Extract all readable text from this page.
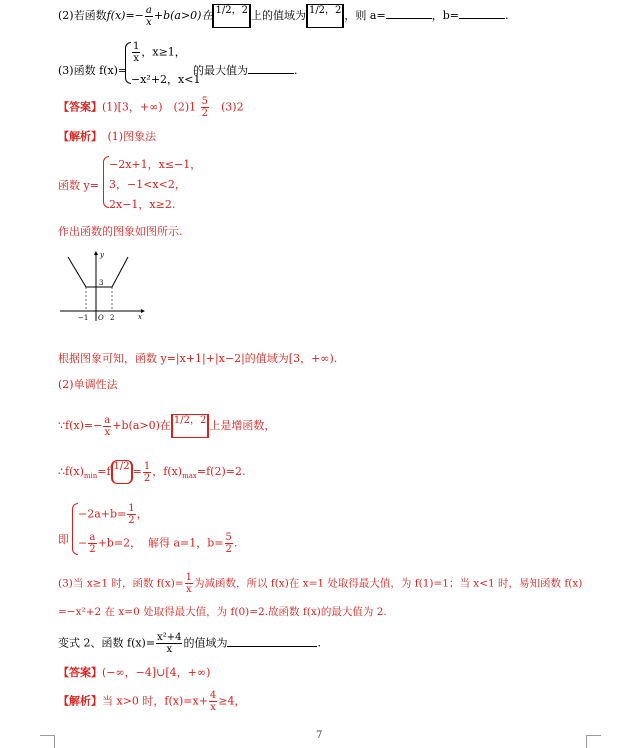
(2)若函数$f(x)=- \frac{a}{x} +b(a>0)$在 1/2，2 上的值域为 1/2，2 ，则 a=	，b=	.
(3)函数 f(x)=
$\frac{1}{x}$ ，x≥1，
−x²+2，x<1
的最大值为	.
【答案】(1)[3，+∞)　$(2)1 \frac{5}{2}$
　 (3)2
【解析】　 (1)图象法
函数 y=
−2x+1，x≤−1，
3，−1<x<2，
2x−1，x≥2.
作出函数的图象如图所示.
y
x
3
−1 O 2
根据图象可知，函数 y=|x+1|+|x−2|的值域为[3，+∞).
(2)单调性法
∵f(x)=− $\frac{a}{x} +b(a>0)$在 1/2，2 上是增函数，
$\therefore f(x)_{min}=f$ $1/2 = \frac{1}{2}$ ，$f(x)_{max}=f(2)=2$.
即
$-2a+b= \frac{1}{2}$ ，
− $\frac{a}{2} +b=2$， 解得 a=1，$b= \frac{5}{2}$ .
(3)当 x≥1 时，函数 $f(x)= \frac{1}{x}$ 为减函数，所以 f(x)在 x=1 处取得最大值，为 f(1)=1；当 x<1 时，易知函数 f(x)
=−x²+2 在 x=0 处取得最大值，为 f(0)=2.故函数 f(x)的最大值为 2.
变式 2、函数 $f(x)= \frac{\text{x²+4}}{x}$ 的值域为	.
【答案】(−∞，−4]∪[4，+∞)
【解析】当 x>0 时，$f(x)=x+ \frac{4}{x} \ge 4$，
7
